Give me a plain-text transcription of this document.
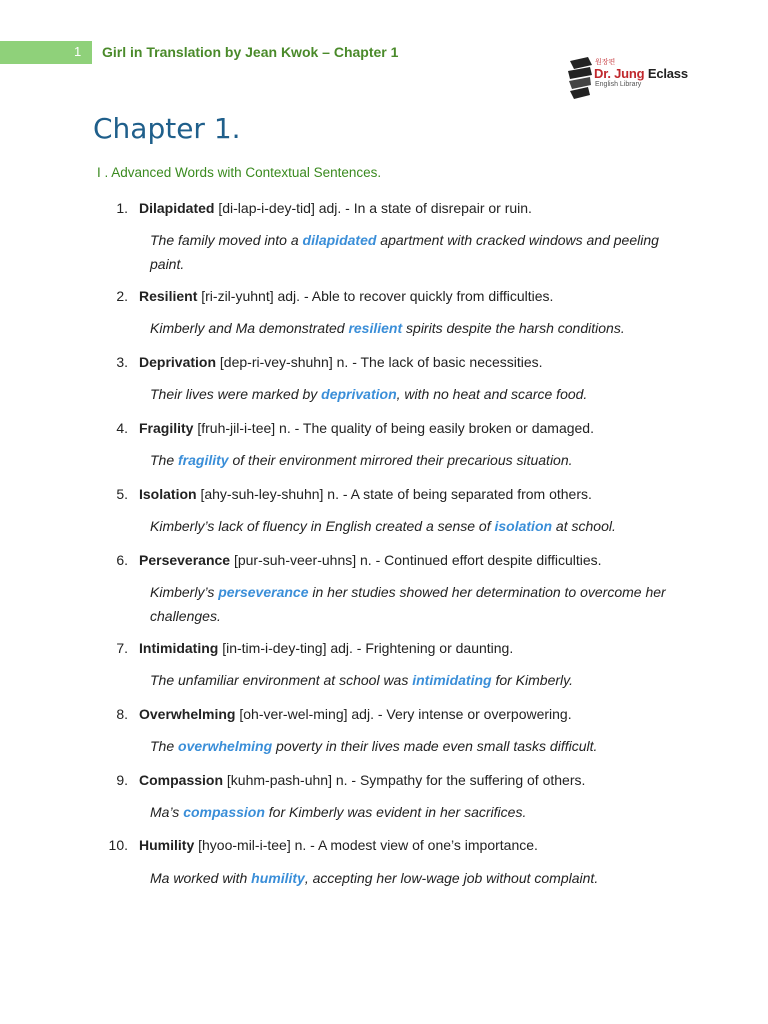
1 Girl in Translation by Jean Kwok – Chapter 1
원장편
Dr. Jung Eclass
English Library
Chapter 1.
I . Advanced Words with Contextual Sentences.
1. Dilapidated [di-lap-i-dey-tid] adj. - In a state of disrepair or ruin.
The family moved into a dilapidated apartment with cracked windows and peeling paint.
2. Resilient [ri-zil-yuhnt] adj. - Able to recover quickly from difficulties.
Kimberly and Ma demonstrated resilient spirits despite the harsh conditions.
3. Deprivation [dep-ri-vey-shuhn] n. - The lack of basic necessities.
Their lives were marked by deprivation, with no heat and scarce food.
4. Fragility [fruh-jil-i-tee] n. - The quality of being easily broken or damaged.
The fragility of their environment mirrored their precarious situation.
5. Isolation [ahy-suh-ley-shuhn] n. - A state of being separated from others.
Kimberly’s lack of fluency in English created a sense of isolation at school.
6. Perseverance [pur-suh-veer-uhns] n. - Continued effort despite difficulties.
Kimberly’s perseverance in her studies showed her determination to overcome her challenges.
7. Intimidating [in-tim-i-dey-ting] adj. - Frightening or daunting.
The unfamiliar environment at school was intimidating for Kimberly.
8. Overwhelming [oh-ver-wel-ming] adj. - Very intense or overpowering.
The overwhelming poverty in their lives made even small tasks difficult.
9. Compassion [kuhm-pash-uhn] n. - Sympathy for the suffering of others.
Ma’s compassion for Kimberly was evident in her sacrifices.
10. Humility [hyoo-mil-i-tee] n. - A modest view of one’s importance.
Ma worked with humility, accepting her low-wage job without complaint.
